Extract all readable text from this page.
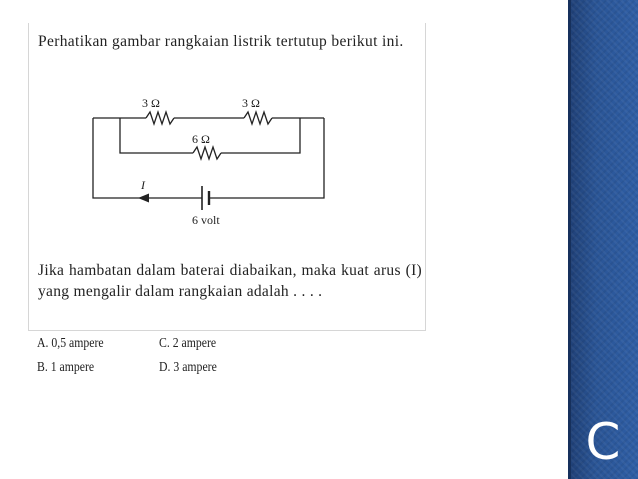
Perhatikan gambar rangkaian listrik tertutup berikut ini.

3 Ω	3 Ω
6 Ω
I
6 volt

Jika hambatan dalam baterai diabaikan, maka kuat arus (I) yang mengalir dalam rangkaian adalah . . . .

A. 0,5 ampere
B. 1 ampere
C. 2 ampere
D. 3 ampere
C
